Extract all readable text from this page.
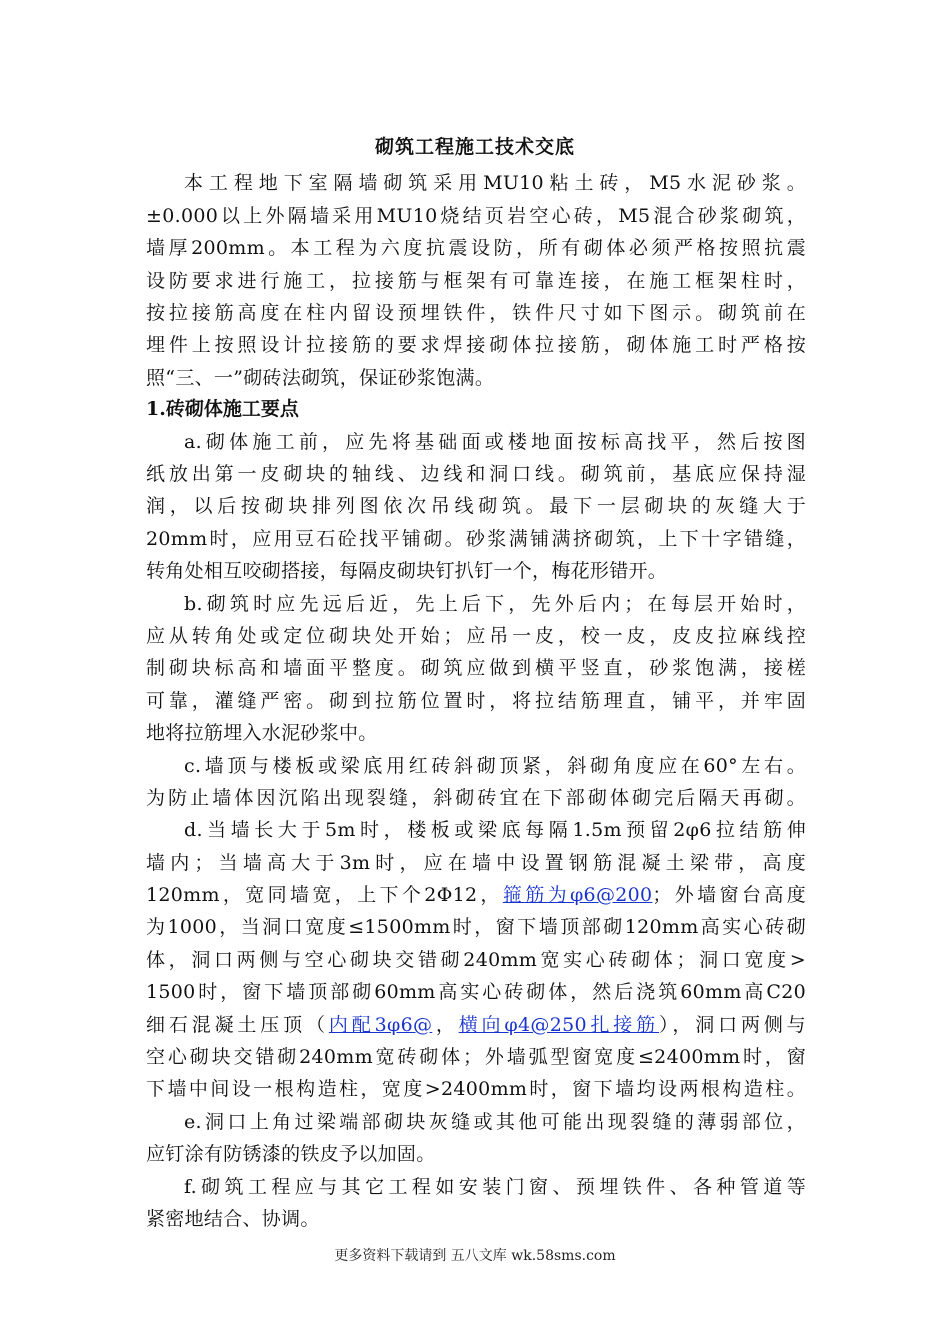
砌筑工程施工技术交底
本工程地下室隔墙砌筑采用MU10粘土砖，M5水泥砂浆。
±0.000以上外隔墙采用MU10烧结页岩空心砖，M5混合砂浆砌筑，
墙厚200mm。本工程为六度抗震设防，所有砌体必须严格按照抗震
设防要求进行施工，拉接筋与框架有可靠连接，在施工框架柱时，
按拉接筋高度在柱内留设预埋铁件，铁件尺寸如下图示。砌筑前在
埋件上按照设计拉接筋的要求焊接砌体拉接筋，砌体施工时严格按
照“三、一”砌砖法砌筑，保证砂浆饱满。
1.砖砌体施工要点
a.砌体施工前，应先将基础面或楼地面按标高找平，然后按图
纸放出第一皮砌块的轴线、边线和洞口线。砌筑前，基底应保持湿
润，以后按砌块排列图依次吊线砌筑。最下一层砌块的灰缝大于
20mm时，应用豆石砼找平铺砌。砂浆满铺满挤砌筑，上下十字错缝，
转角处相互咬砌搭接，每隔皮砌块钉扒钉一个，梅花形错开。
b.砌筑时应先远后近，先上后下，先外后内；在每层开始时，
应从转角处或定位砌块处开始；应吊一皮，校一皮，皮皮拉麻线控
制砌块标高和墙面平整度。砌筑应做到横平竖直，砂浆饱满，接槎
可靠，灌缝严密。砌到拉筋位置时，将拉结筋理直，铺平，并牢固
地将拉筋埋入水泥砂浆中。
c.墙顶与楼板或梁底用红砖斜砌顶紧，斜砌角度应在60°左右。
为防止墙体因沉陷出现裂缝，斜砌砖宜在下部砌体砌完后隔天再砌。
d.当墙长大于5m时，楼板或梁底每隔1.5m预留2φ6拉结筋伸
墙内；当墙高大于3m时，应在墙中设置钢筋混凝土梁带，高度
120mm，宽同墙宽，上下个2Φ12，箍筋为φ6@200；外墙窗台高度
为1000，当洞口宽度≤1500mm时，窗下墙顶部砌120mm高实心砖砌
体，洞口两侧与空心砌块交错砌240mm宽实心砖砌体；洞口宽度>
1500时，窗下墙顶部砌60mm高实心砖砌体，然后浇筑60mm高C20
细石混凝土压顶（内配3φ6@，横向φ4@250扎接筋），洞口两侧与
空心砌块交错砌240mm宽砖砌体；外墙弧型窗宽度≤2400mm时，窗
下墙中间设一根构造柱，宽度>2400mm时，窗下墙均设两根构造柱。
e.洞口上角过梁端部砌块灰缝或其他可能出现裂缝的薄弱部位，
应钉涂有防锈漆的铁皮予以加固。
f.砌筑工程应与其它工程如安装门窗、预埋铁件、各种管道等
紧密地结合、协调。
更多资料下载请到 五八文库 wk.58sms.com
